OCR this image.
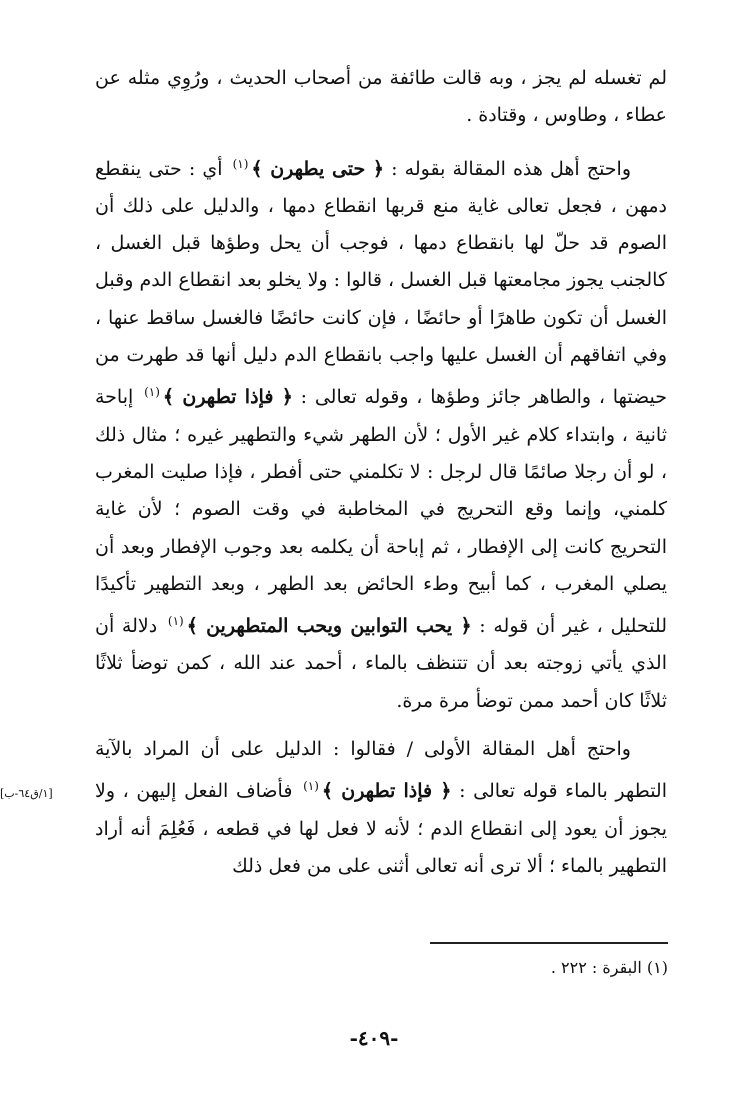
لم تغسله لم يجز ، وبه قالت طائفة من أصحاب الحديث ، ورُوِي مثله عن عطاء ، وطاوس ، وقتادة .

واحتج أهل هذه المقالة بقوله : ﴿ حتى يطهرن ﴾$^{(١)}$ أي : حتى ينقطع دمهن ، فجعل تعالى غاية منع قربها انقطاع دمها ، والدليل على ذلك أن الصوم قد حلّ لها بانقطاع دمها ، فوجب أن يحل وطؤها قبل الغسل ، كالجنب يجوز مجامعتها قبل الغسل ، قالوا : ولا يخلو بعد انقطاع الدم وقبل الغسل أن تكون طاهرًا أو حائضًا ، فإن كانت حائضًا فالغسل ساقط عنها ، وفي اتفاقهم أن الغسل عليها واجب بانقطاع الدم دليل أنها قد طهرت من حيضتها ، والطاهر جائز وطؤها ، وقوله تعالى : ﴿ فإذا تطهرن ﴾$^{(١)}$ إباحة ثانية ، وابتداء كلام غير الأول ؛ لأن الطهر شيء والتطهير غيره ؛ مثال ذلك ، لو أن رجلا صائمًا قال لرجل : لا تكلمني حتى أفطر ، فإذا صليت المغرب كلمني، وإنما وقع التحريج في المخاطبة في وقت الصوم ؛ لأن غاية التحريج كانت إلى الإفطار ، ثم إباحة أن يكلمه بعد وجوب الإفطار وبعد أن يصلي المغرب ، كما أبيح وطء الحائض بعد الطهر ، وبعد التطهير تأكيدًا للتحليل ، غير أن قوله : ﴿ يحب التوابين ويحب المتطهرين ﴾$^{(١)}$ دلالة أن الذي يأتي زوجته بعد أن تتنظف بالماء ، أحمد عند الله ، كمن توضأ ثلاثًا ثلاثًا كان أحمد ممن توضأ مرة مرة.

واحتج أهل المقالة الأولى / فقالوا : الدليل على أن المراد بالآية التطهر بالماء قوله تعالى : ﴿ فإذا تطهرن ﴾$^{(١)}$ فأضاف الفعل إليهن ، ولا يجوز أن يعود إلى انقطاع الدم ؛ لأنه لا فعل لها في قطعه ، فَعُلِمَ أنه أراد التطهير بالماء ؛ ألا ترى أنه تعالى أثنى على من فعل ذلك

[١/ق٦٤-ب]
(١) البقرة : ٢٢٢ .
-٤٠٩-
